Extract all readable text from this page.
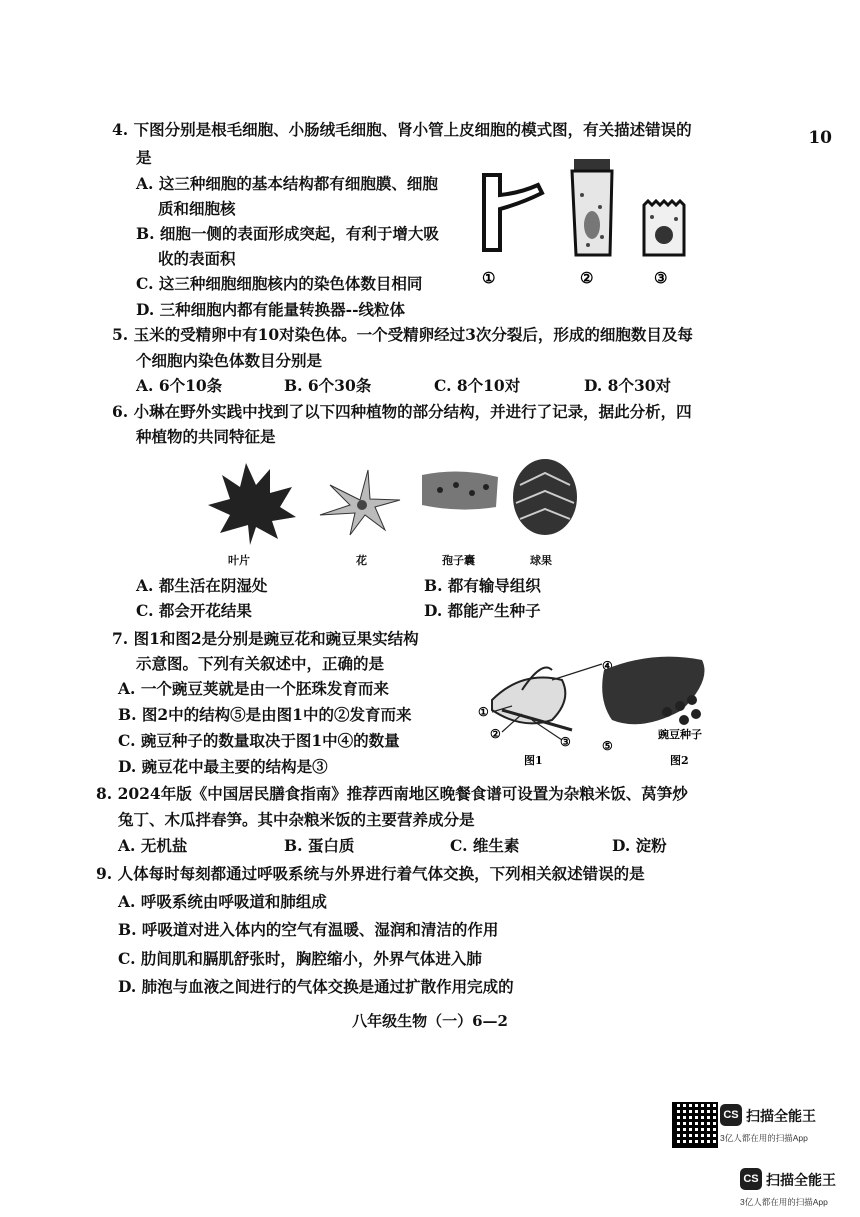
10
4. 下图分别是根毛细胞、小肠绒毛细胞、肾小管上皮细胞的模式图，有关描述错误的
是
A. 这三种细胞的基本结构都有细胞膜、细胞
质和细胞核
B. 细胞一侧的表面形成突起，有利于增大吸
收的表面积
C. 这三种细胞细胞核内的染色体数目相同
D. 三种细胞内都有能量转换器--线粒体
①	②	③
5. 玉米的受精卵中有10对染色体。一个受精卵经过3次分裂后，形成的细胞数目及每
个细胞内染色体数目分别是
A. 6个10条	B. 6个30条	C. 8个10对	D. 8个30对
6. 小琳在野外实践中找到了以下四种植物的部分结构，并进行了记录，据此分析，四
种植物的共同特征是
叶片	花	孢子囊	球果
A. 都生活在阴湿处	B. 都有输导组织
C. 都会开花结果	D. 都能产生种子
7. 图1和图2是分别是豌豆花和豌豆果实结构
示意图。下列有关叙述中，正确的是
A. 一个豌豆荚就是由一个胚珠发育而来
B. 图2中的结构⑤是由图1中的②发育而来
C. 豌豆种子的数量取决于图1中④的数量
D. 豌豆花中最主要的结构是③
④
①
②
③	⑤
豌豆种子
图1	图2
8. 2024年版《中国居民膳食指南》推荐西南地区晚餐食谱可设置为杂粮米饭、莴笋炒
兔丁、木瓜拌春笋。其中杂粮米饭的主要营养成分是
A. 无机盐	B. 蛋白质	C. 维生素	D. 淀粉
9. 人体每时每刻都通过呼吸系统与外界进行着气体交换，下列相关叙述错误的是
A. 呼吸系统由呼吸道和肺组成
B. 呼吸道对进入体内的空气有温暖、湿润和清洁的作用
C. 肋间肌和膈肌舒张时，胸腔缩小，外界气体进入肺
D. 肺泡与血液之间进行的气体交换是通过扩散作用完成的
八年级生物（一）6—2
CS 扫描全能王
3亿人都在用的扫描App
CS 扫描全能王
3亿人都在用的扫描App
